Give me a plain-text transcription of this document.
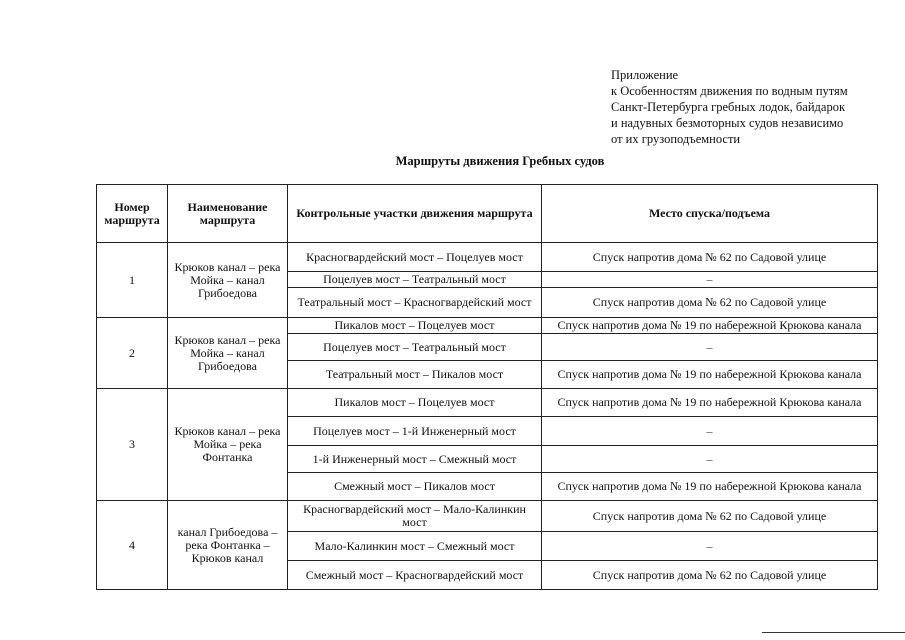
Приложение
к Особенностям движения по водным путям
Санкт-Петербурга гребных лодок, байдарок
и надувных безмоторных судов независимо
от их грузоподъемности
Маршруты движения Гребных судов
Номер маршрута	Наименование маршрута	Контрольные участки движения маршрута	Место спуска/подъема
1	Крюков канал – река Мойка – канал Грибоедова	Красногвардейский мост – Поцелуев мост	Спуск напротив дома № 62 по Садовой улице
		Поцелуев мост – Театральный мост	–
		Театральный мост – Красногвардейский мост	Спуск напротив дома № 62 по Садовой улице
2	Крюков канал – река Мойка – канал Грибоедова	Пикалов мост – Поцелуев мост	Спуск напротив дома № 19 по набережной Крюкова канала
		Поцелуев мост – Театральный мост	–
		Театральный мост – Пикалов мост	Спуск напротив дома № 19 по набережной Крюкова канала
3	Крюков канал – река Мойка – река Фонтанка	Пикалов мост – Поцелуев мост	Спуск напротив дома № 19 по набережной Крюкова канала
		Поцелуев мост – 1-й Инженерный мост	–
		1-й Инженерный мост – Смежный мост	–
		Смежный мост – Пикалов мост	Спуск напротив дома № 19 по набережной Крюкова канала
4	канал Грибоедова – река Фонтанка – Крюков канал	Красногвардейский мост – Мало-Калинкин мост	Спуск напротив дома № 62 по Садовой улице
		Мало-Калинкин мост – Смежный мост	–
		Смежный мост – Красногвардейский мост	Спуск напротив дома № 62 по Садовой улице
